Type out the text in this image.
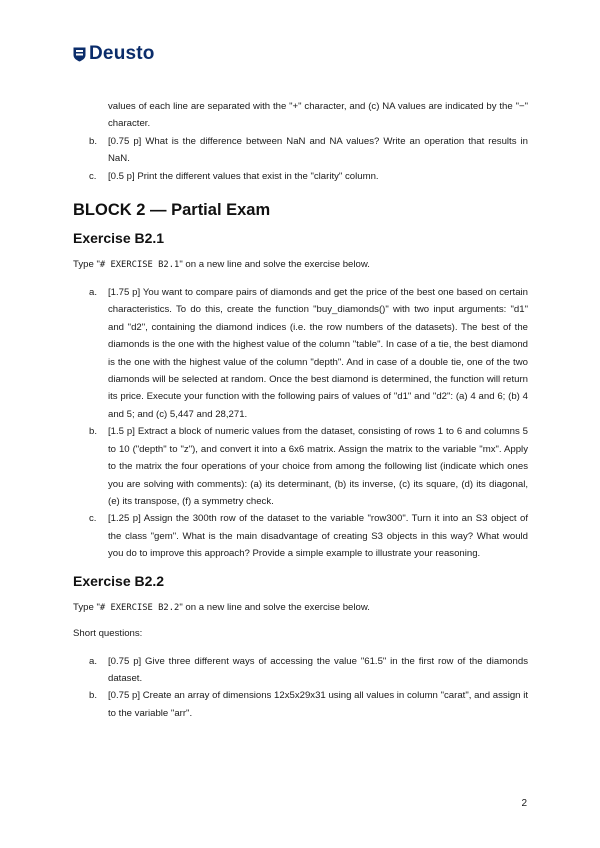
Deusto
values of each line are separated with the "+" character, and (c) NA values are indicated by the "−" character.
b. [0.75 p] What is the difference between NaN and NA values? Write an operation that results in NaN.
c. [0.5 p] Print the different values that exist in the "clarity" column.
BLOCK 2 — Partial Exam
Exercise B2.1

Type "# EXERCISE B2.1" on a new line and solve the exercise below.

a. [1.75 p] You want to compare pairs of diamonds and get the price of the best one based on certain characteristics. To do this, create the function "buy_diamonds()" with two input arguments: "d1" and "d2", containing the diamond indices (i.e. the row numbers of the datasets). The best of the diamonds is the one with the highest value of the column "table". In case of a tie, the best diamond is the one with the highest value of the column "depth". And in case of a double tie, one of the two diamonds will be selected at random. Once the best diamond is determined, the function will return its price. Execute your function with the following pairs of values of "d1" and "d2": (a) 4 and 6; (b) 4 and 5; and (c) 5,447 and 28,271.
b. [1.5 p] Extract a block of numeric values from the dataset, consisting of rows 1 to 6 and columns 5 to 10 ("depth" to "z"), and convert it into a 6x6 matrix. Assign the matrix to the variable "mx". Apply to the matrix the four operations of your choice from among the following list (indicate which ones you are solving with comments): (a) its determinant, (b) its inverse, (c) its square, (d) its diagonal, (e) its transpose, (f) a symmetry check.
c. [1.25 p] Assign the 300th row of the dataset to the variable "row300". Turn it into an S3 object of the class "gem". What is the main disadvantage of creating S3 objects in this way? What would you do to improve this approach? Provide a simple example to illustrate your reasoning.
Exercise B2.2

Type "# EXERCISE B2.2" on a new line and solve the exercise below.

Short questions:

a. [0.75 p] Give three different ways of accessing the value "61.5" in the first row of the diamonds dataset.
b. [0.75 p] Create an array of dimensions 12x5x29x31 using all values in column "carat", and assign it to the variable "arr".
2
